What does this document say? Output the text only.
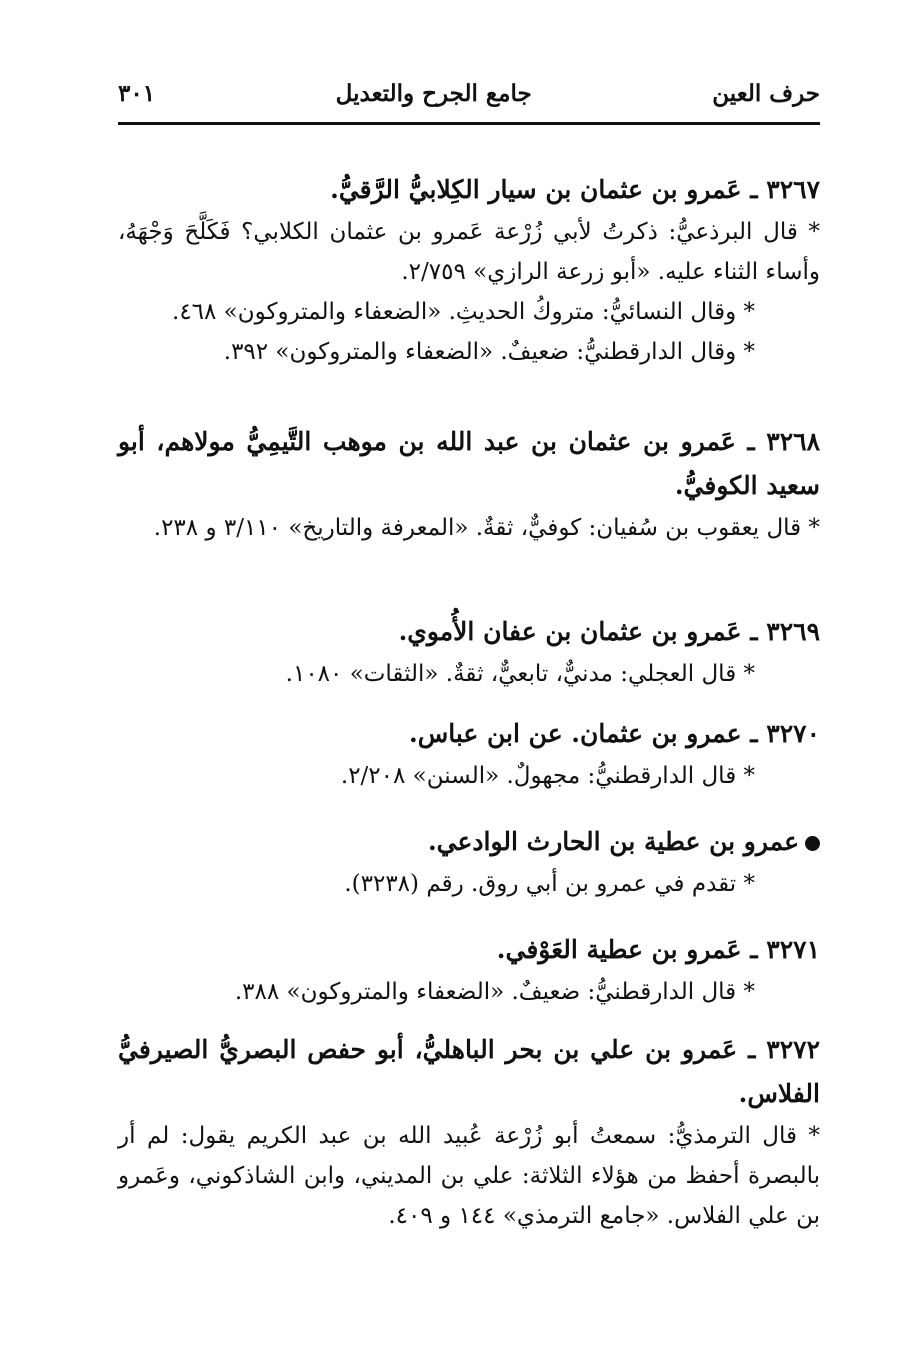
حرف العين
جامع الجرح والتعديل
٣٠١
٣٢٦٧ ـ عَمرو بن عثمان بن سيار الكِلابيُّ الرَّقيُّ.
* قال البرذعيُّ: ذكرتُ لأبي زُرْعة عَمرو بن عثمان الكلابي؟ فَكَلَّحَ وَجْهَهُ، وأساء الثناء عليه. «أبو زرعة الرازي» ٢/٧٥٩.
* وقال النسائيُّ: متروكُ الحديثِ. «الضعفاء والمتروكون» ٤٦٨.
* وقال الدارقطنيُّ: ضعيفٌ. «الضعفاء والمتروكون» ٣٩٢.
٣٢٦٨ ـ عَمرو بن عثمان بن عبد الله بن موهب التَّيمِيُّ مولاهم، أبو سعيد الكوفيُّ.
* قال يعقوب بن سُفيان: كوفيٌّ، ثقةٌ. «المعرفة والتاريخ» ٣/١١٠ و ٢٣٨.
٣٢٦٩ ـ عَمرو بن عثمان بن عفان الأُموي.
* قال العجلي: مدنيٌّ، تابعيٌّ، ثقةٌ. «الثقات» ١٠٨٠.
٣٢٧٠ ـ عمرو بن عثمان. عن ابن عباس.
* قال الدارقطنيُّ: مجهولٌ. «السنن» ٢/٢٠٨.
عمرو بن عطية بن الحارث الوادعي.
* تقدم في عمرو بن أبي روق. رقم (٣٢٣٨).
٣٢٧١ ـ عَمرو بن عطية العَوْفي.
* قال الدارقطنيُّ: ضعيفٌ. «الضعفاء والمتروكون» ٣٨٨.
٣٢٧٢ ـ عَمرو بن علي بن بحر الباهليُّ، أبو حفص البصريُّ الصيرفيُّ الفلاس.
* قال الترمذيُّ: سمعتُ أبو زُرْعة عُبيد الله بن عبد الكريم يقول: لم أر بالبصرة أحفظ من هؤلاء الثلاثة: علي بن المديني، وابن الشاذكوني، وعَمرو بن علي الفلاس. «جامع الترمذي» ١٤٤ و ٤٠٩.
